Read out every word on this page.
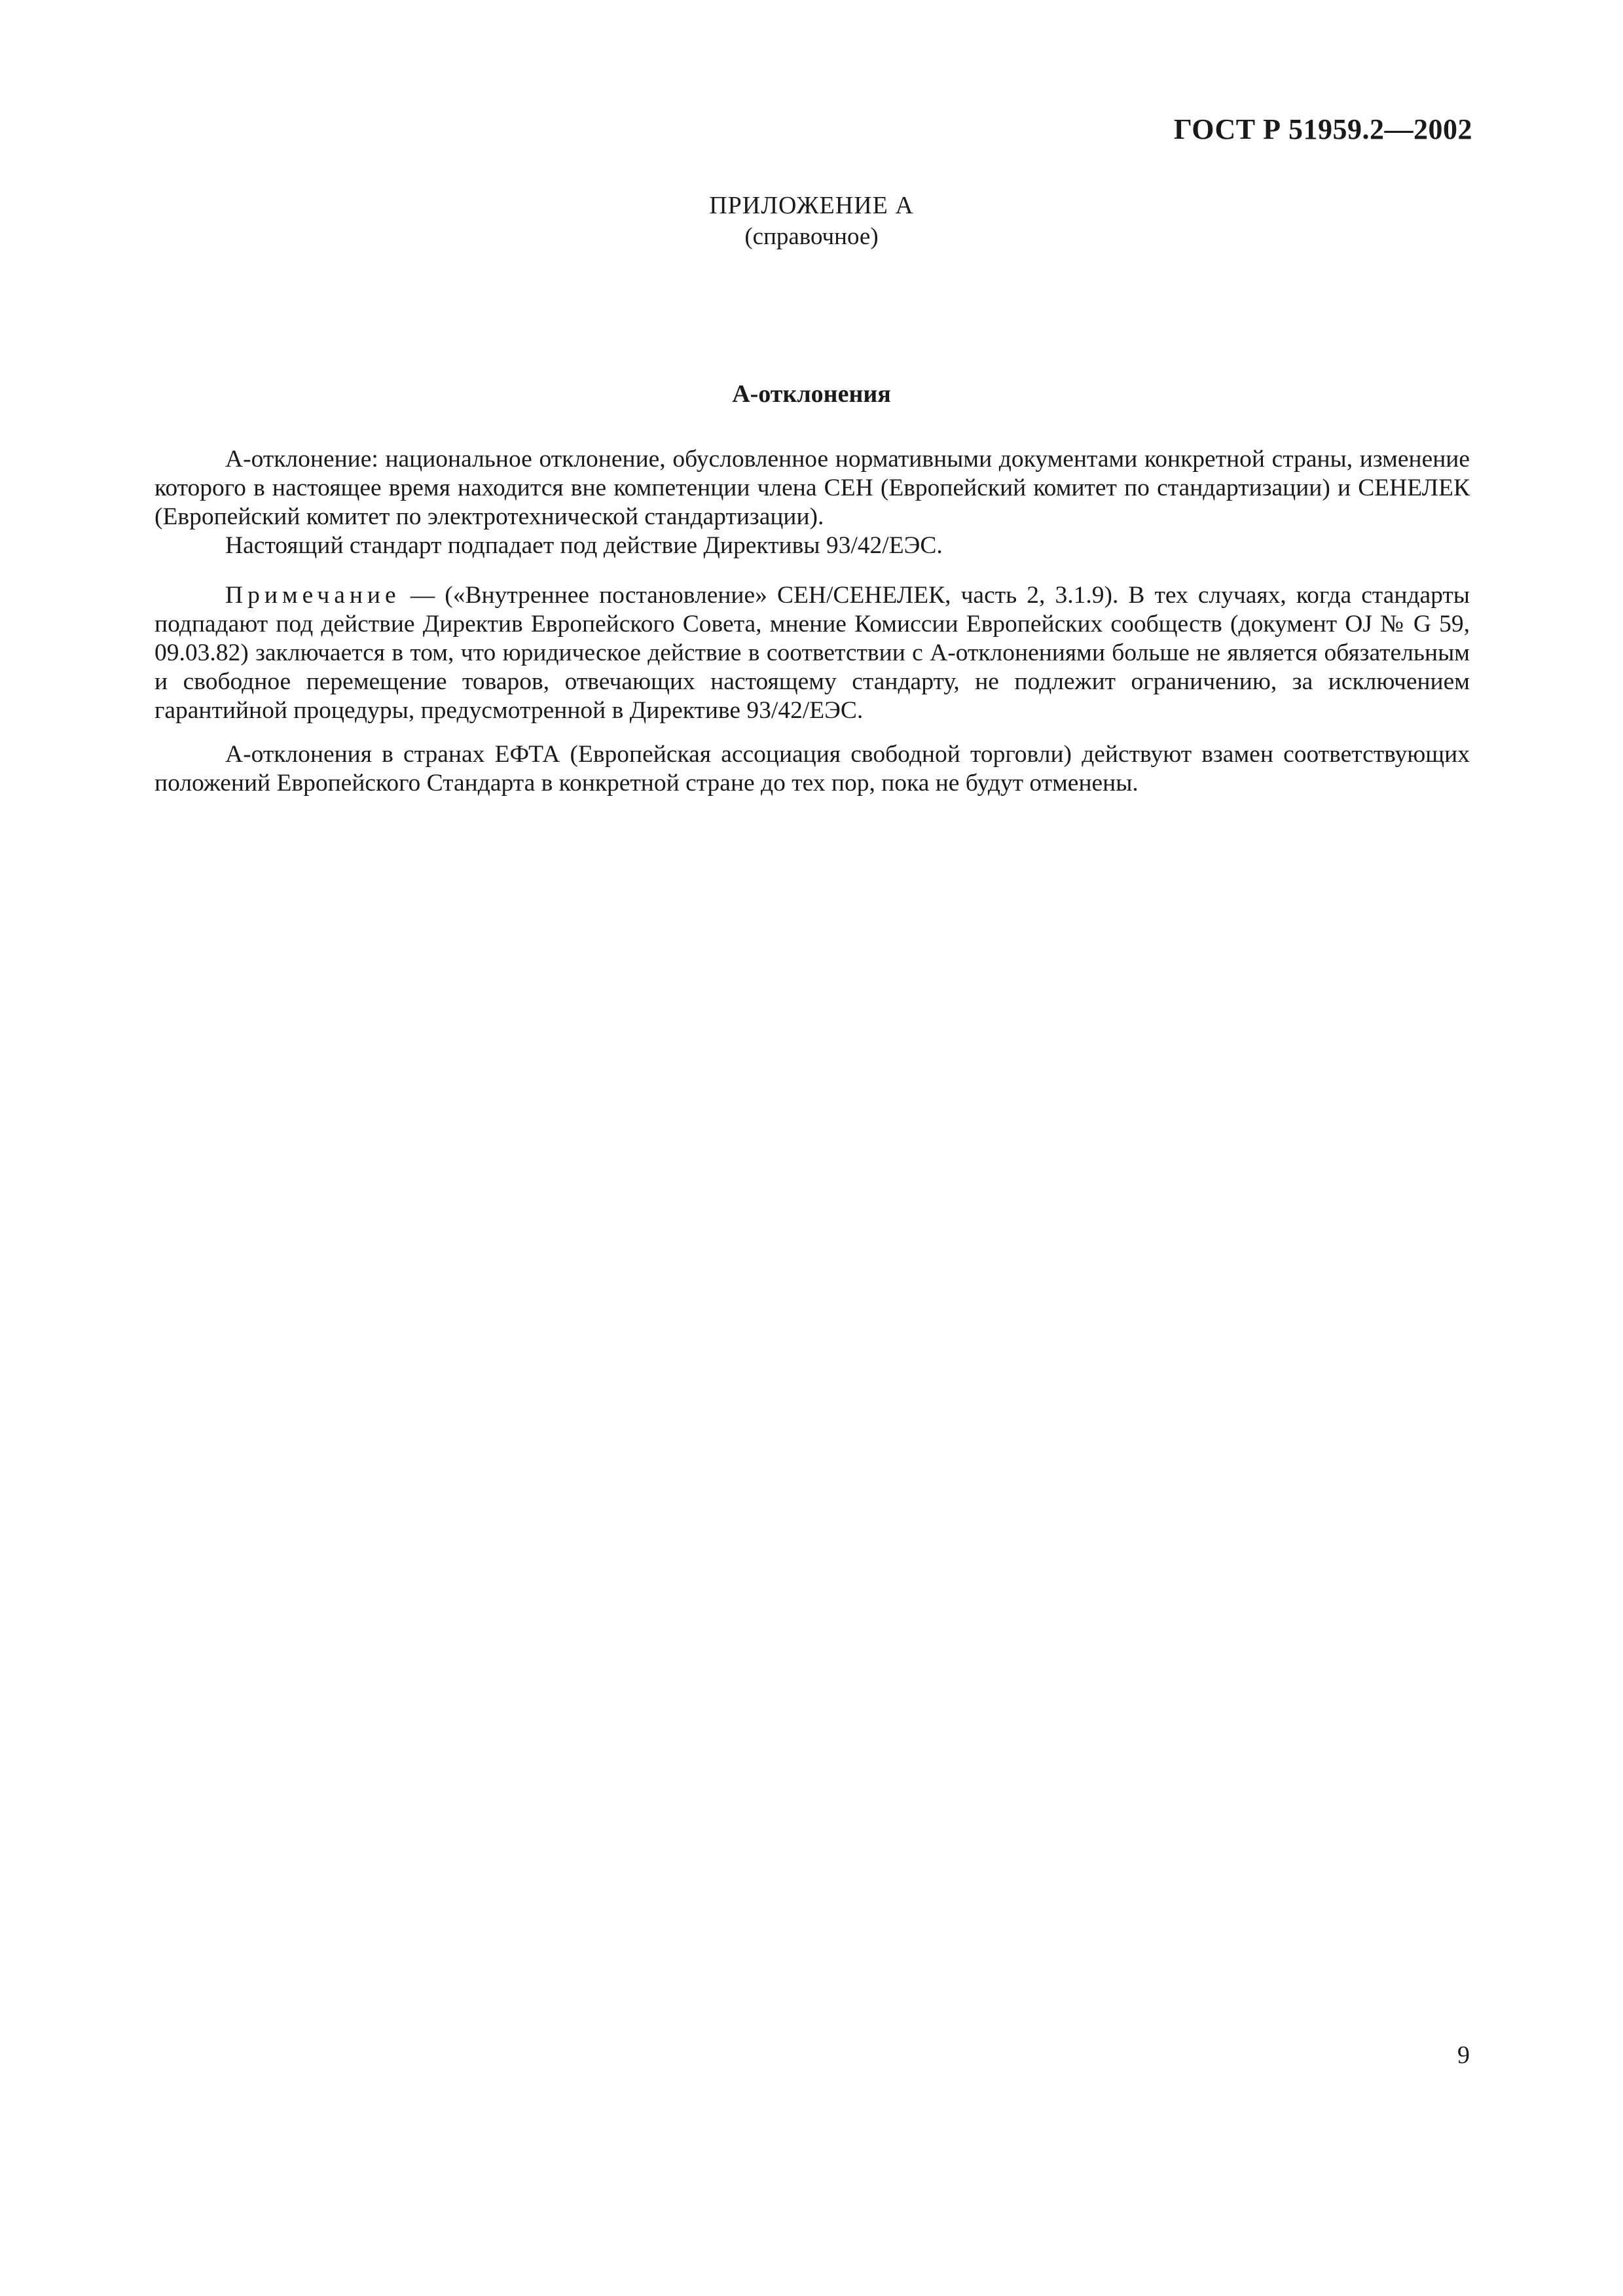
ГОСТ Р 51959.2—2002
ПРИЛОЖЕНИЕ А
(справочное)
А-отклонения

А-отклонение: национальное отклонение, обусловленное нормативными документами конкретной страны, изменение которого в настоящее время находится вне компетенции члена СЕН (Европейский комитет по стандартизации) и СЕНЕЛЕК (Европейский комитет по электротехнической стандартизации).

Настоящий стандарт подпадает под действие Директивы 93/42/ЕЭС.

Примечание — («Внутреннее постановление» СЕН/СЕНЕЛЕК, часть 2, 3.1.9). В тех случаях, когда стандарты подпадают под действие Директив Европейского Совета, мнение Комиссии Европейских сообществ (документ OJ № G 59, 09.03.82) заключается в том, что юридическое действие в соответствии с А-отклонениями больше не является обязательным и свободное перемещение товаров, отвечающих настоящему стандарту, не подлежит ограничению, за исключением гарантийной процедуры, предусмотренной в Директиве 93/42/ЕЭС.

А-отклонения в странах ЕФТА (Европейская ассоциация свободной торговли) действуют взамен соответствующих положений Европейского Стандарта в конкретной стране до тех пор, пока не будут отменены.

9
